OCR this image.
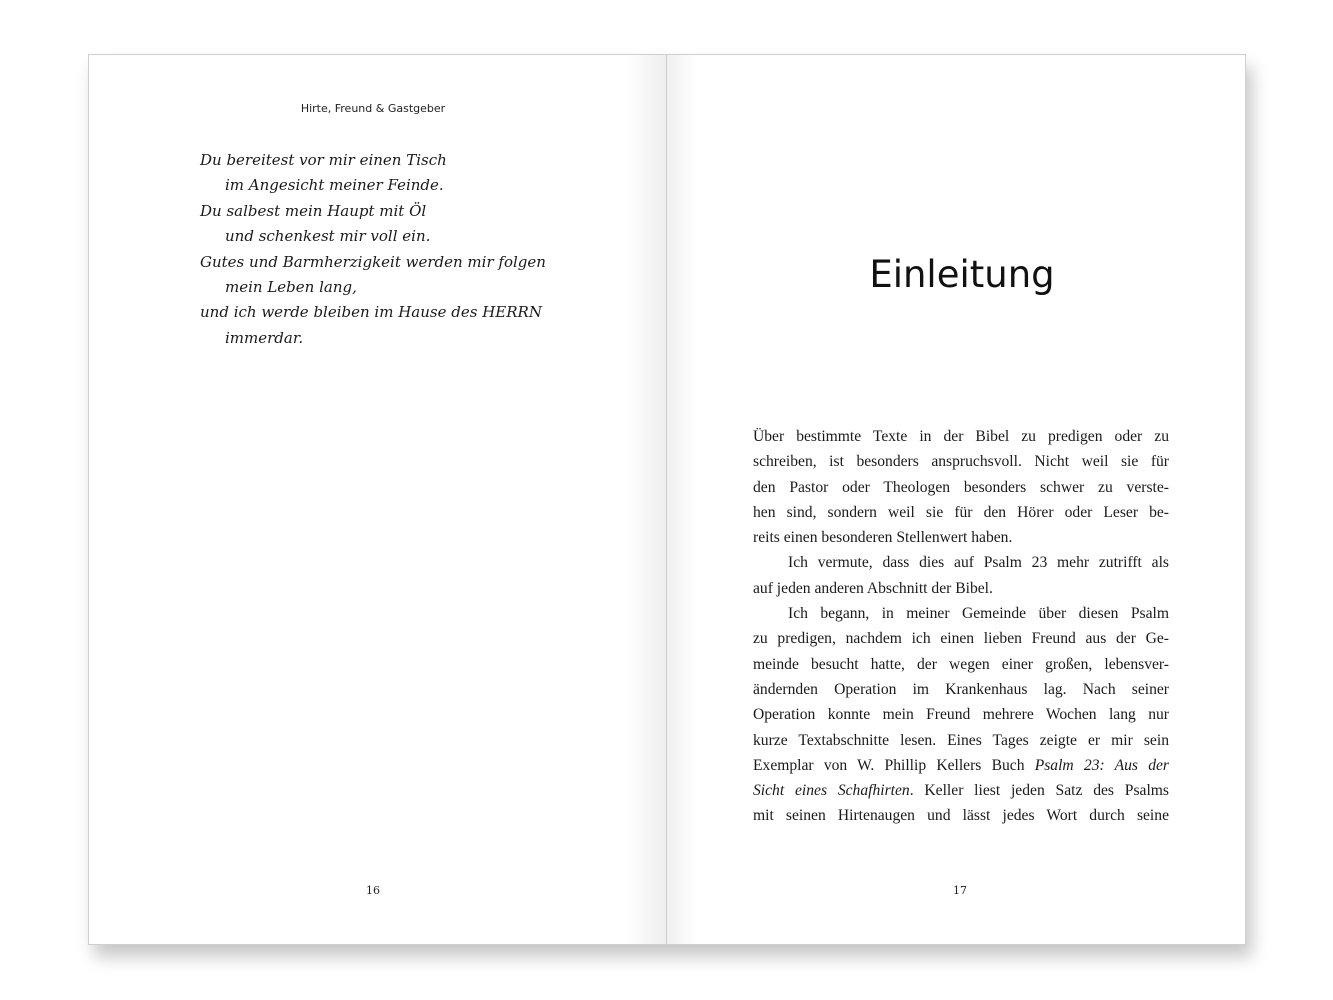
Hirte, Freund & Gastgeber
Du bereitest vor mir einen Tisch
im Angesicht meiner Feinde.
Du salbest mein Haupt mit Öl
und schenkest mir voll ein.
Gutes und Barmherzigkeit werden mir folgen
mein Leben lang,
und ich werde bleiben im Hause des HERRN
immerdar.
16
Einleitung
Über bestimmte Texte in der Bibel zu predigen oder zu
schreiben, ist besonders anspruchsvoll. Nicht weil sie für
den Pastor oder Theologen besonders schwer zu verste-
hen sind, sondern weil sie für den Hörer oder Leser be-
reits einen besonderen Stellenwert haben.
Ich vermute, dass dies auf Psalm 23 mehr zutrifft als
auf jeden anderen Abschnitt der Bibel.
Ich begann, in meiner Gemeinde über diesen Psalm
zu predigen, nachdem ich einen lieben Freund aus der Ge-
meinde besucht hatte, der wegen einer großen, lebensver-
ändernden Operation im Krankenhaus lag. Nach seiner
Operation konnte mein Freund mehrere Wochen lang nur
kurze Textabschnitte lesen. Eines Tages zeigte er mir sein
Exemplar von W. Phillip Kellers Buch Psalm 23: Aus der
Sicht eines Schafhirten. Keller liest jeden Satz des Psalms
mit seinen Hirtenaugen und lässt jedes Wort durch seine
17
